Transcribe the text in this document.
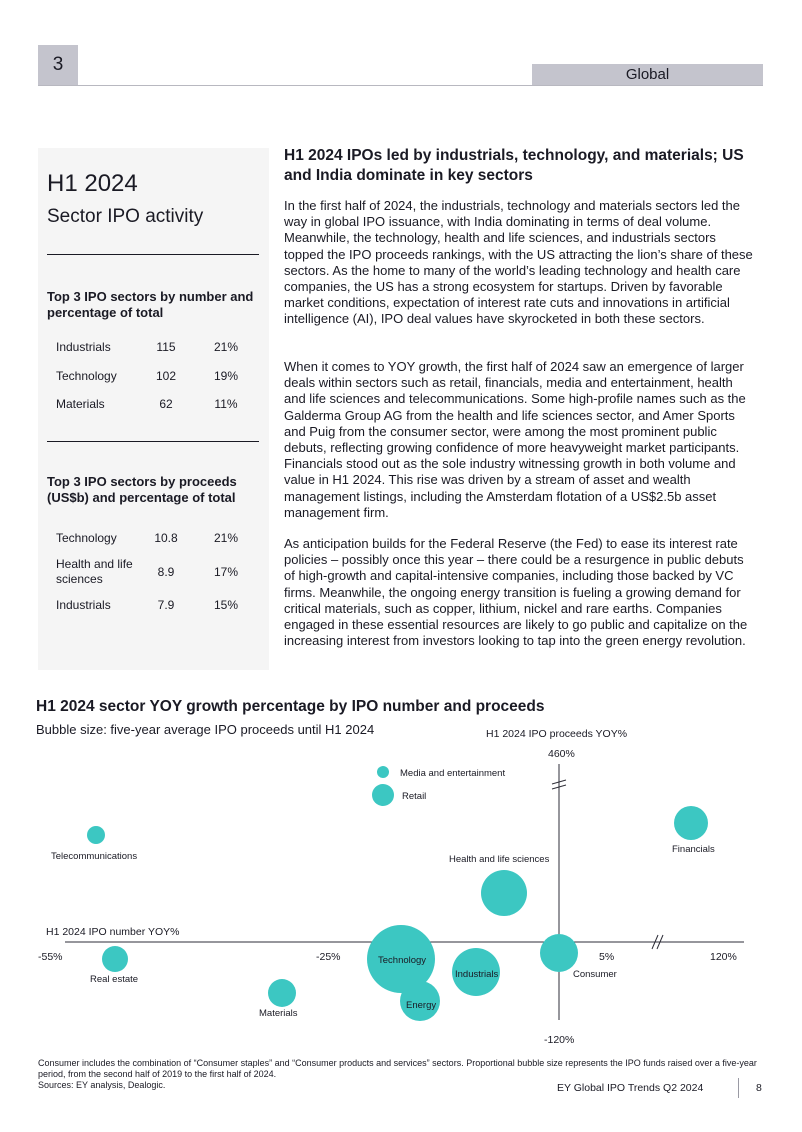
3	Global
H1 2024
Sector IPO activity
Top 3 IPO sectors by number and percentage of total
Industrials	115	21%
Technology	102	19%
Materials	62	11%
Top 3 IPO sectors by proceeds (US$b) and percentage of total
Technology	10.8	21%
Health and life sciences	8.9	17%
Industrials	7.9	15%
H1 2024 IPOs led by industrials, technology, and materials; US and India dominate in key sectors
In the first half of 2024, the industrials, technology and materials sectors led the way in global IPO issuance, with India dominating in terms of deal volume. Meanwhile, the technology, health and life sciences, and industrials sectors topped the IPO proceeds rankings, with the US attracting the lion’s share of these sectors. As the home to many of the world’s leading technology and health care companies, the US has a strong ecosystem for startups. Driven by favorable market conditions, expectation of interest rate cuts and innovations in artificial intelligence (AI), IPO deal values have skyrocketed in both these sectors.
When it comes to YOY growth, the first half of 2024 saw an emergence of larger deals within sectors such as retail, financials, media and entertainment, health and life sciences and telecommunications. Some high-profile names such as the Galderma Group AG from the health and life sciences sector, and Amer Sports and Puig from the consumer sector, were among the most prominent public debuts, reflecting growing confidence of more heavyweight market participants. Financials stood out as the sole industry witnessing growth in both volume and value in H1 2024. This rise was driven by a stream of asset and wealth management listings, including the Amsterdam flotation of a US$2.5b asset management firm.
As anticipation builds for the Federal Reserve (the Fed) to ease its interest rate policies – possibly once this year – there could be a resurgence in public debuts of high-growth and capital-intensive companies, including those backed by VC firms. Meanwhile, the ongoing energy transition is fueling a growing demand for critical materials, such as copper, lithium, nickel and rare earths. Companies engaged in these essential resources are likely to go public and capitalize on the increasing interest from investors looking to tap into the green energy revolution.
H1 2024 sector YOY growth percentage by IPO number and proceeds
Bubble size: five-year average IPO proceeds until H1 2024	H1 2024 IPO proceeds YOY%
H1 2024 IPO number YOY%
-55%	-25%	5%	120%
460%
-120%
Media and entertainment
Retail
Telecommunications
Real estate
Materials
Technology
Energy
Industrials
Health and life sciences
Consumer
Financials
Consumer includes the combination of “Consumer staples” and “Consumer products and services” sectors. Proportional bubble size represents the IPO funds raised over a five-year period, from the second half of 2019 to the first half of 2024.
Sources: EY analysis, Dealogic.	EY Global IPO Trends Q2 2024	8
